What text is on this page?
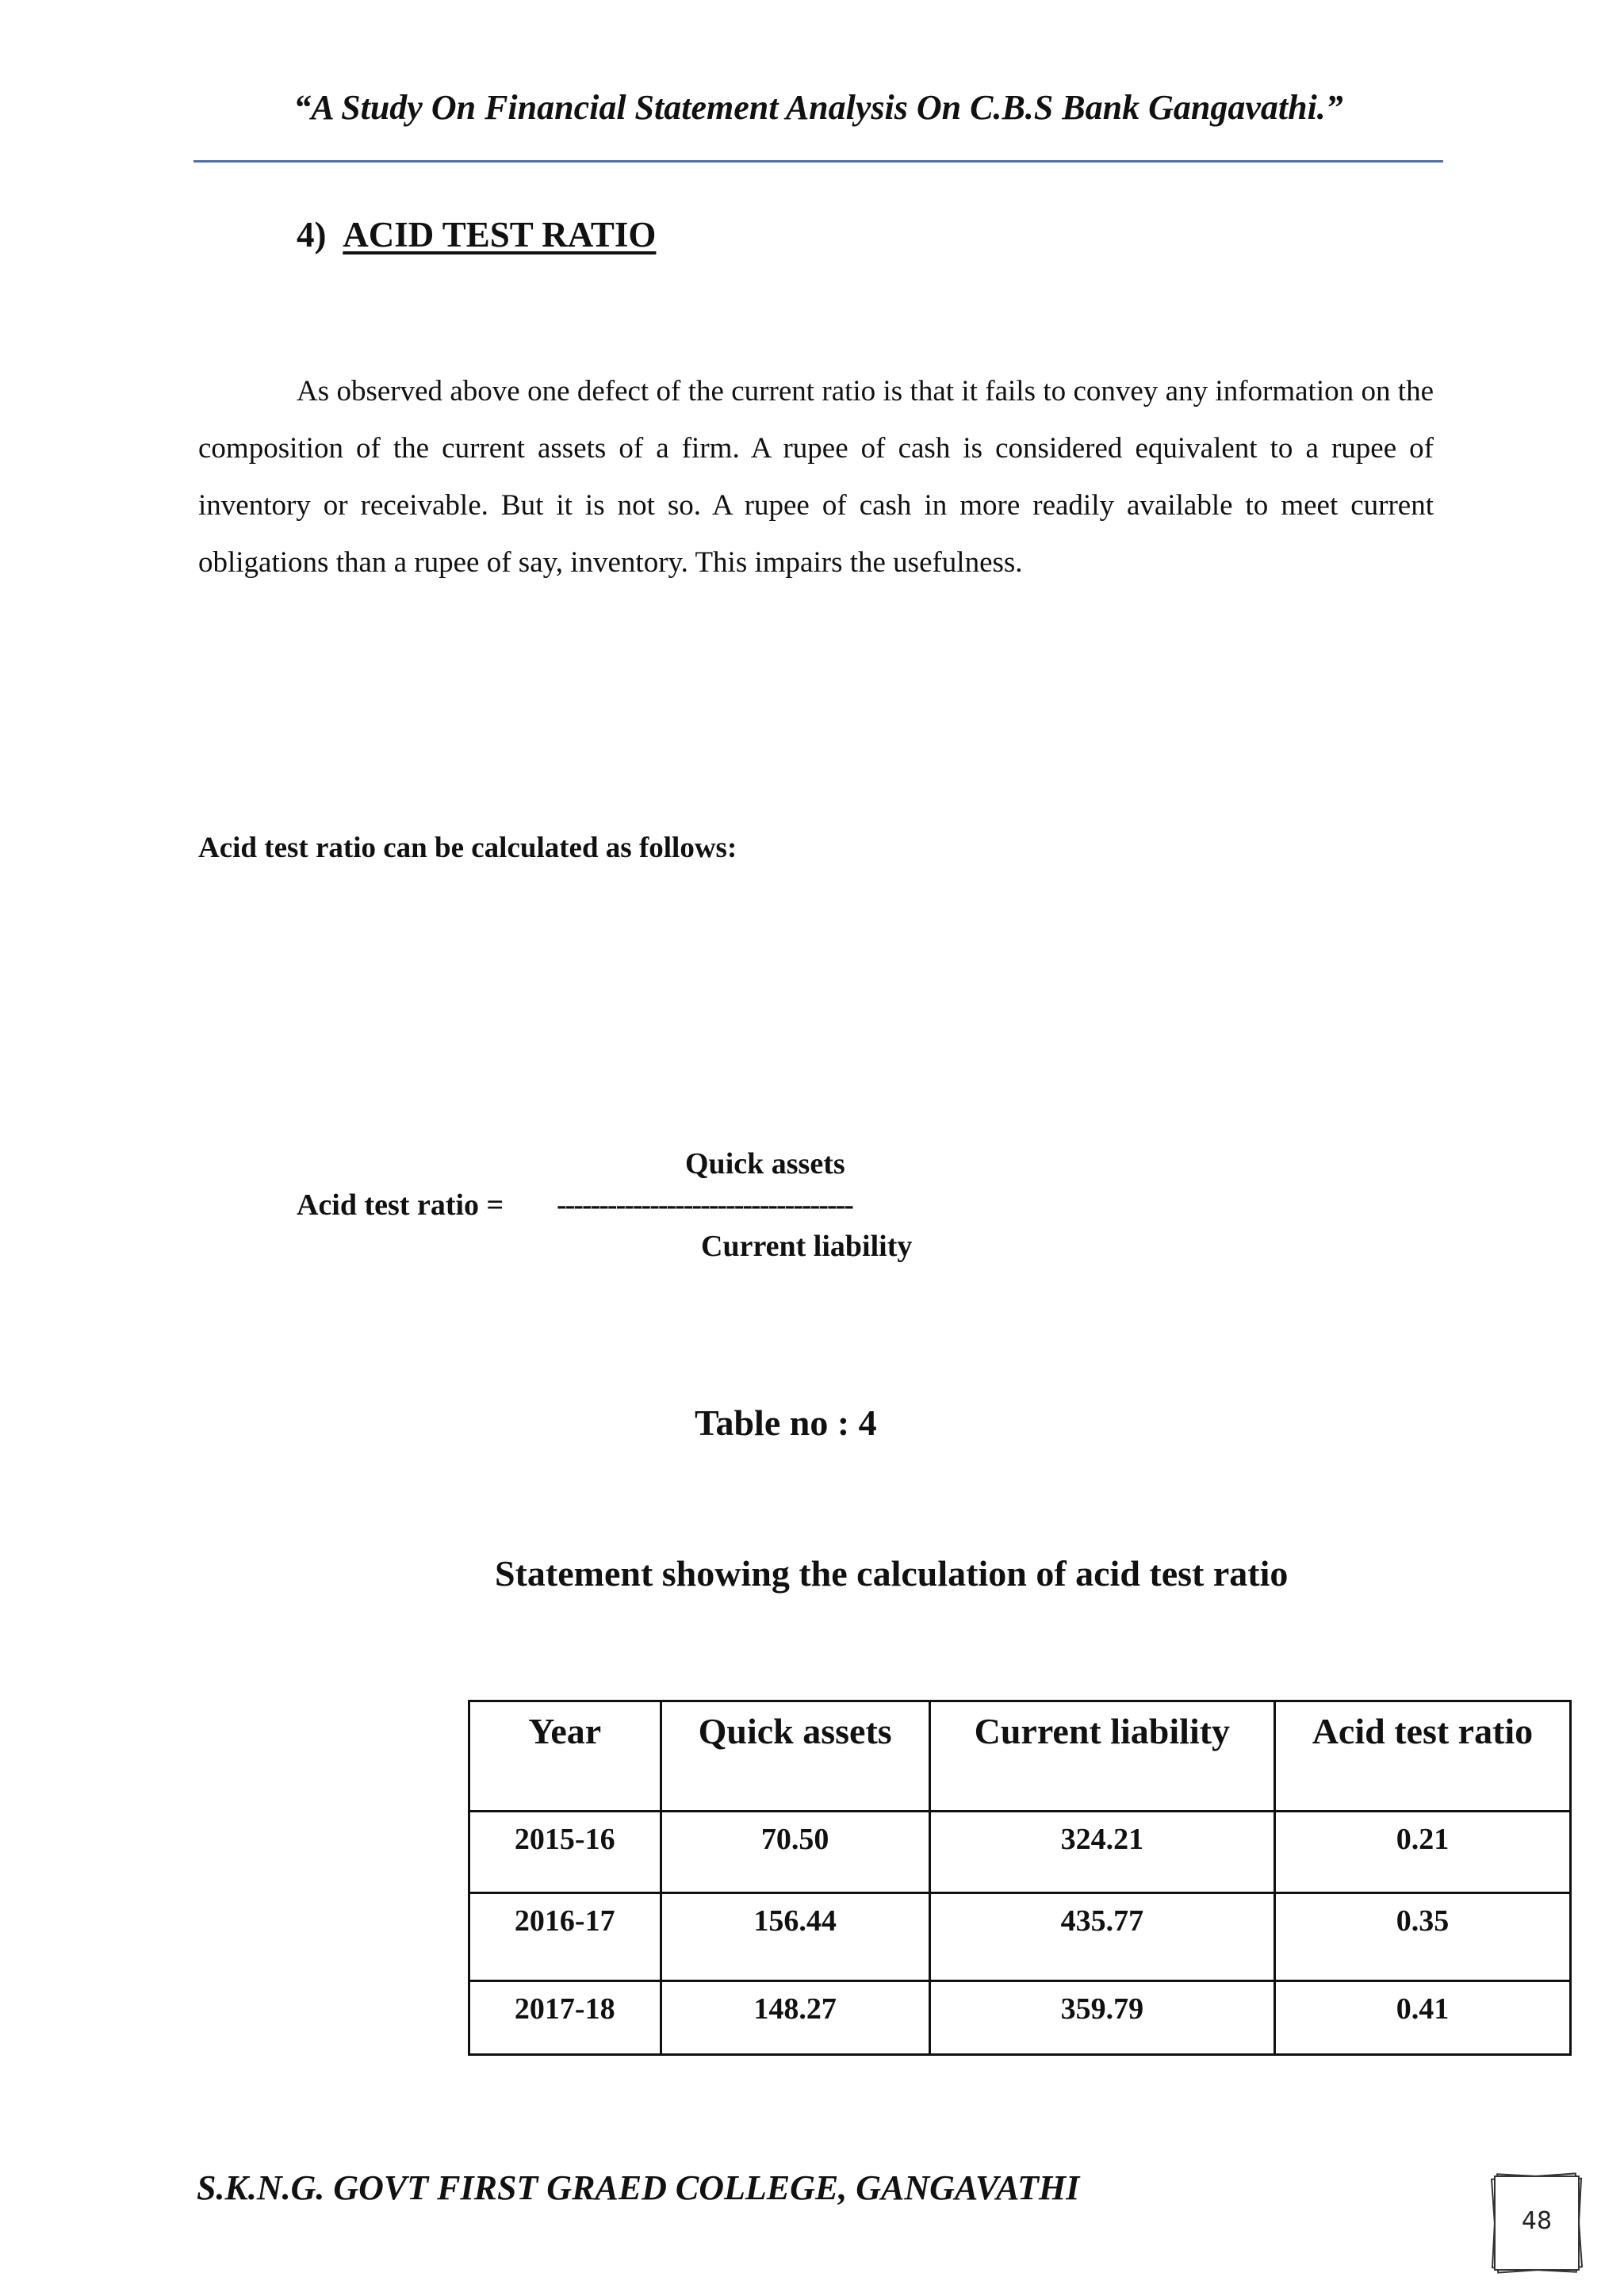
“A Study On Financial Statement Analysis On C.B.S Bank Gangavathi.”
4) ACID TEST RATIO

As observed above one defect of the current ratio is that it fails to convey any information on the composition of the current assets of a firm. A rupee of cash is considered equivalent to a rupee of inventory or receivable. But it is not so. A rupee of cash in more readily available to meet current obligations than a rupee of say, inventory. This impairs the usefulness.

Acid test ratio can be calculated as follows:
Quick assets
Acid test ratio = -----------------------------------
Current liability
Table no : 4
Statement showing the calculation of acid test ratio
Year	Quick assets	Current liability	Acid test ratio
2015-16	70.50	324.21	0.21
2016-17	156.44	435.77	0.35
2017-18	148.27	359.79	0.41
S.K.N.G. GOVT FIRST GRAED COLLEGE, GANGAVATHI
48
